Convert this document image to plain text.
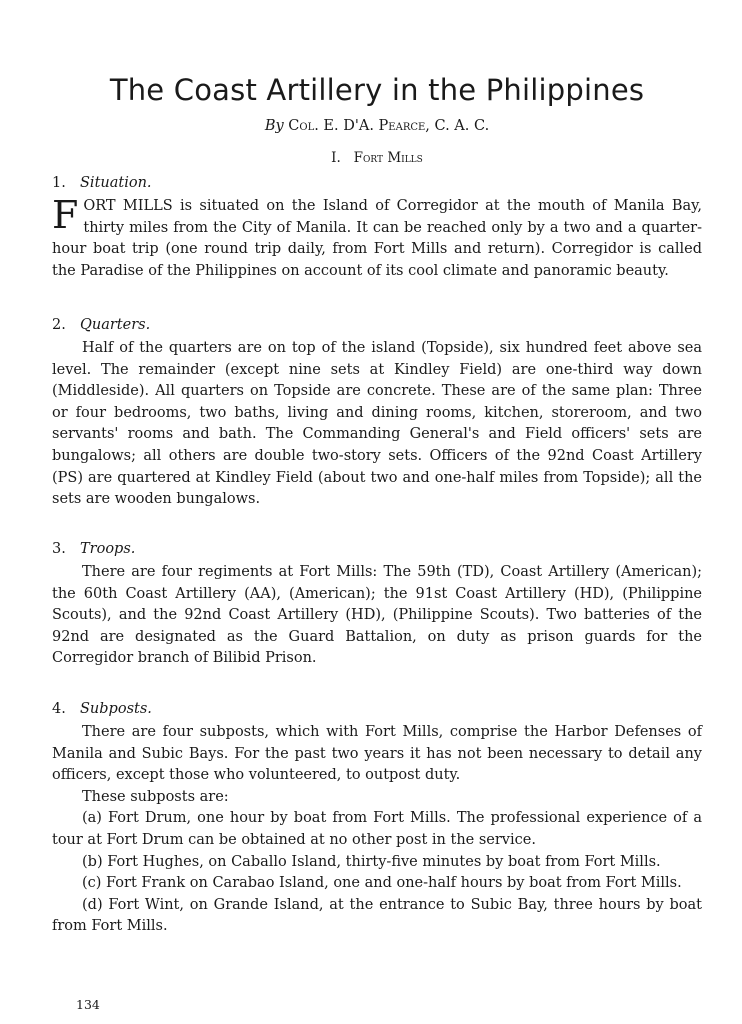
The Coast Artillery in the Philippines
By Col. E. D'A. Pearce, C. A. C.
I. Fort Mills
1. Situation.

FORT MILLS is situated on the Island of Corregidor at the mouth of Manila Bay, thirty miles from the City of Manila. It can be reached only by a two and a quarter-hour boat trip (one round trip daily, from Fort Mills and return). Corregidor is called the Paradise of the Philippines on account of its cool climate and panoramic beauty.

2. Quarters.

Half of the quarters are on top of the island (Topside), six hundred feet above sea level. The remainder (except nine sets at Kindley Field) are one-third way down (Middleside). All quarters on Topside are concrete. These are of the same plan: Three or four bedrooms, two baths, living and dining rooms, kitchen, storeroom, and two servants' rooms and bath. The Commanding General's and Field officers' sets are bungalows; all others are double two-story sets. Officers of the 92nd Coast Artillery (PS) are quartered at Kindley Field (about two and one-half miles from Topside); all the sets are wooden bungalows.

3. Troops.

There are four regiments at Fort Mills: The 59th (TD), Coast Artillery (American); the 60th Coast Artillery (AA), (American); the 91st Coast Artillery (HD), (Philippine Scouts), and the 92nd Coast Artillery (HD), (Philippine Scouts). Two batteries of the 92nd are designated as the Guard Battalion, on duty as prison guards for the Corregidor branch of Bilibid Prison.

4. Subposts.

There are four subposts, which with Fort Mills, comprise the Harbor Defenses of Manila and Subic Bays. For the past two years it has not been necessary to detail any officers, except those who volunteered, to outpost duty.

These subposts are:

(a) Fort Drum, one hour by boat from Fort Mills. The professional experience of a tour at Fort Drum can be obtained at no other post in the service.

(b) Fort Hughes, on Caballo Island, thirty-five minutes by boat from Fort Mills.

(c) Fort Frank on Carabao Island, one and one-half hours by boat from Fort Mills.

(d) Fort Wint, on Grande Island, at the entrance to Subic Bay, three hours by boat from Fort Mills.

134
